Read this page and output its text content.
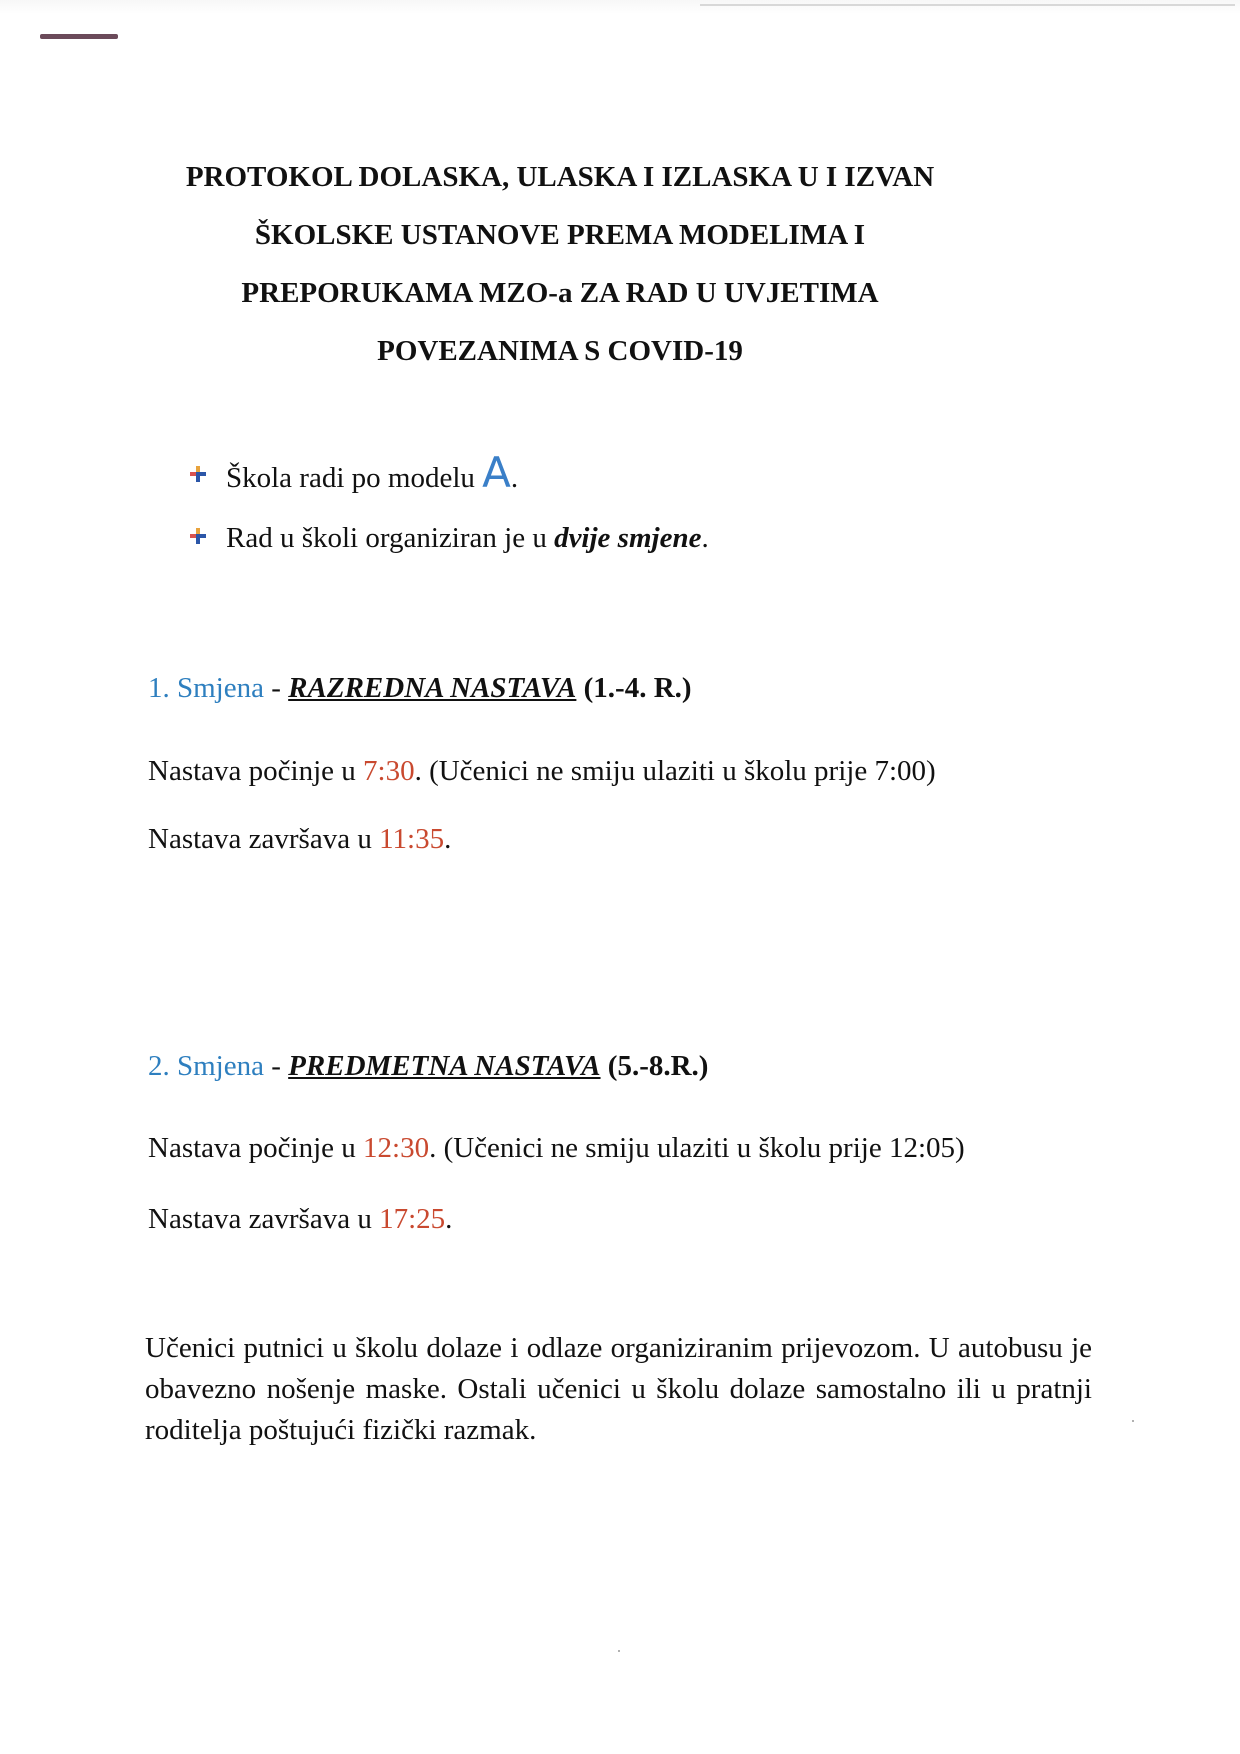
PROTOKOL DOLASKA, ULASKA I IZLASKA U I IZVAN
ŠKOLSKE USTANOVE PREMA MODELIMA I
PREPORUKAMA MZO-a ZA RAD U UVJETIMA
POVEZANIMA S COVID-19
Škola radi po modelu A.
Rad u školi organiziran je u dvije smjene.
1. Smjena - RAZREDNA NASTAVA (1.-4. R.)
Nastava počinje u 7:30. (Učenici ne smiju ulaziti u školu prije 7:00)
Nastava završava u 11:35.
2. Smjena - PREDMETNA NASTAVA (5.-8.R.)
Nastava počinje u 12:30. (Učenici ne smiju ulaziti u školu prije 12:05)
Nastava završava u 17:25.
Učenici putnici u školu dolaze i odlaze organiziranim prijevozom. U autobusu je obavezno nošenje maske. Ostali učenici u školu dolaze samostalno ili u pratnji roditelja poštujući fizički razmak.
